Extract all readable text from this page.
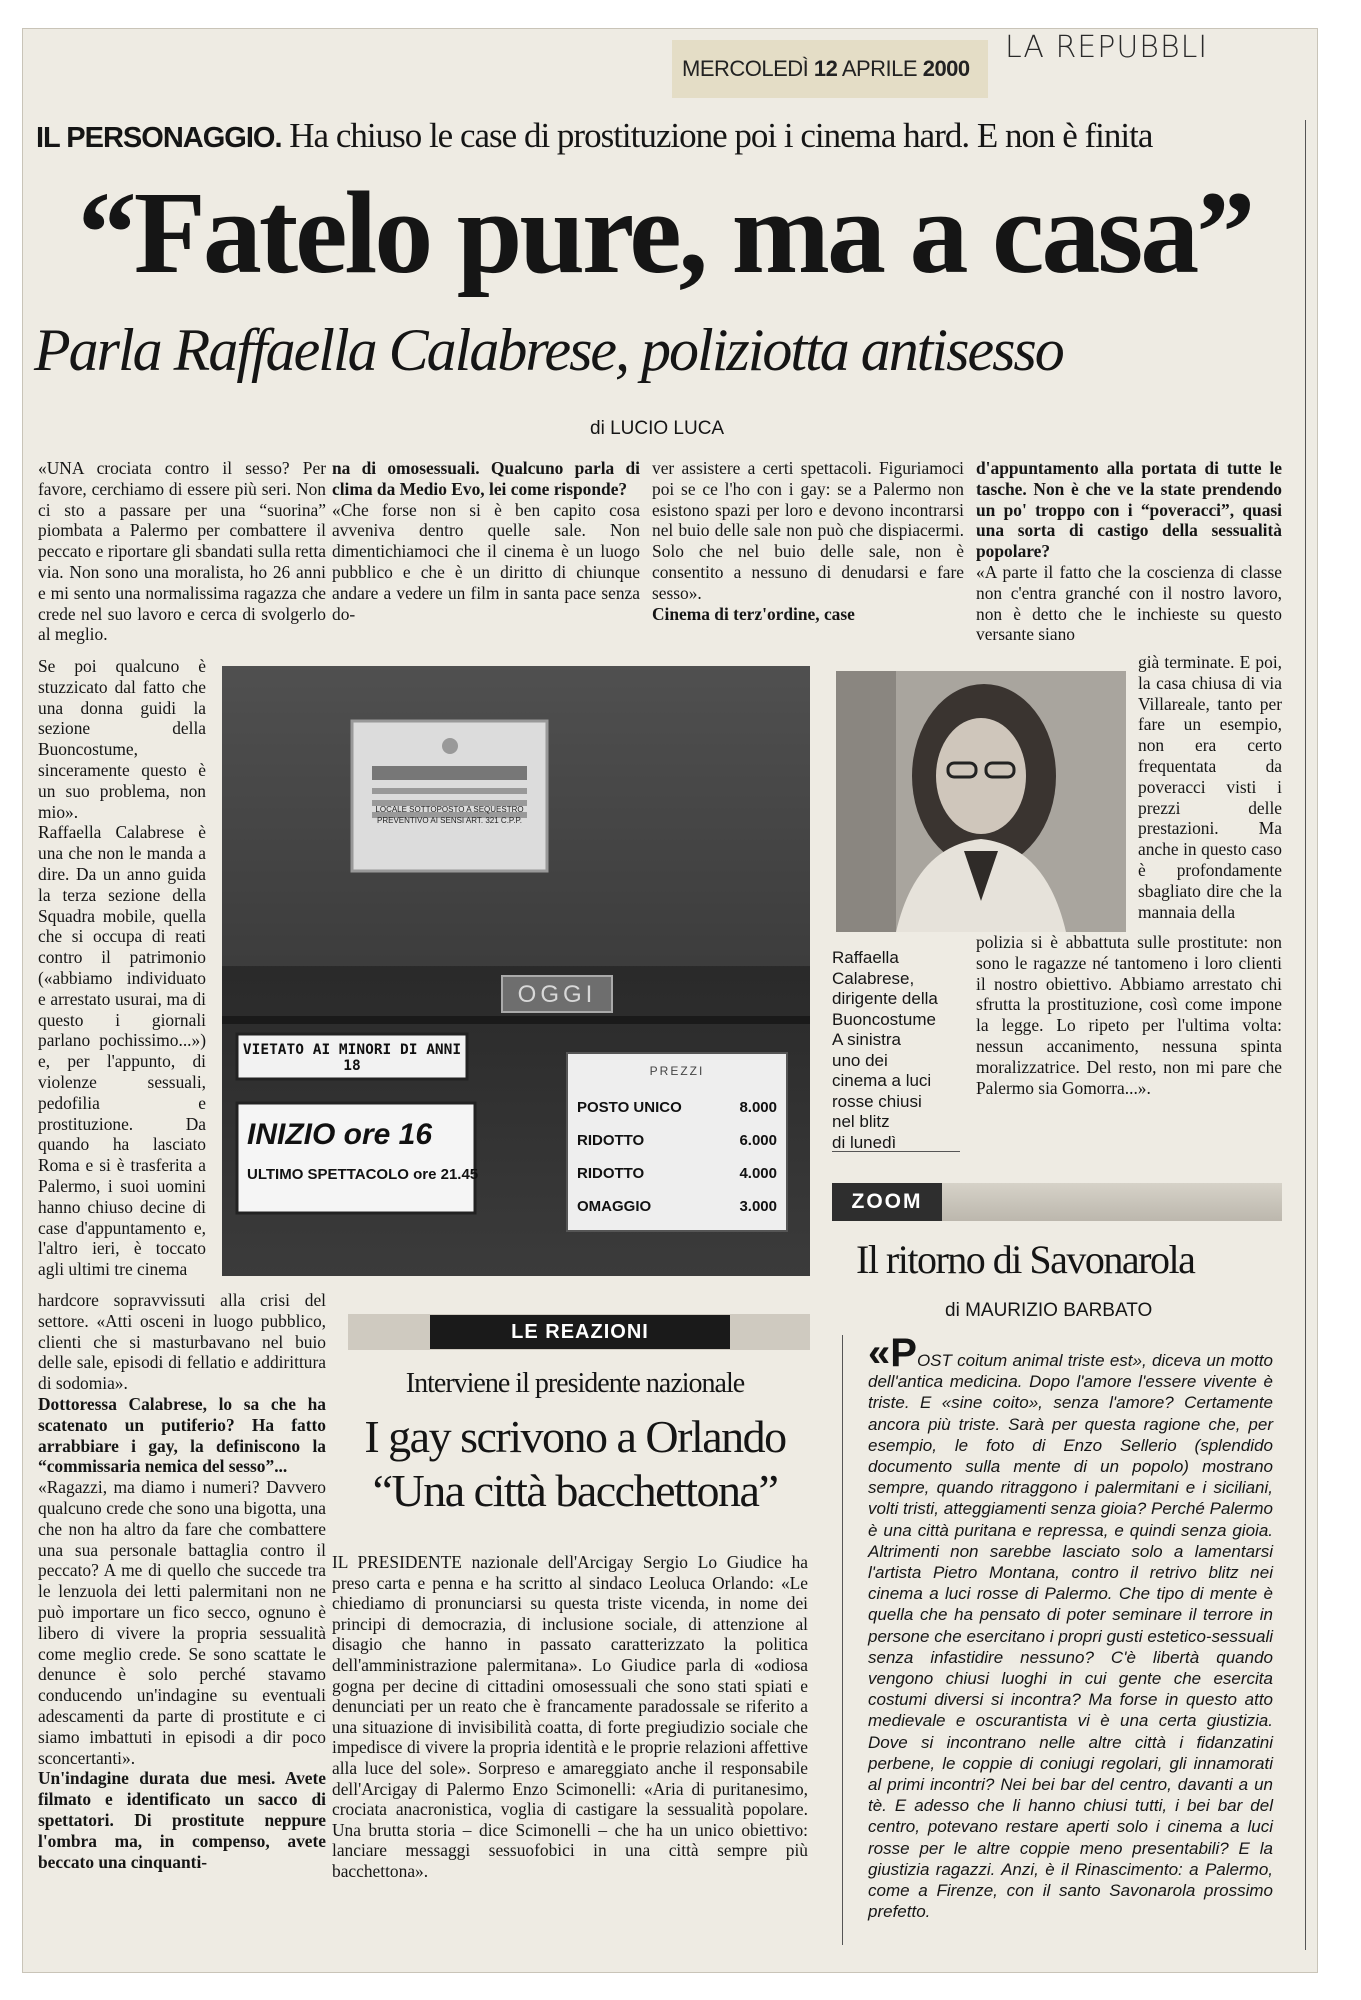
MERCOLEDÌ 12 APRILE 2000
LA REPUBBLI
IL PERSONAGGIO. Ha chiuso le case di prostituzione poi i cinema hard. E non è finita
“Fatelo pure, ma a casa”
Parla Raffaella Calabrese, poliziotta antisesso
di LUCIO LUCA
«UNA crociata contro il sesso? Per favore, cerchiamo di essere più seri. Non ci sto a passare per una “suorina” piombata a Palermo per combattere il peccato e riportare gli sbandati sulla retta via. Non sono una moralista, ho 26 anni e mi sento una normalissima ragazza che crede nel suo lavoro e cerca di svolgerlo al meglio.
Se poi qualcuno è stuzzicato dal fatto che una donna guidi la sezione della Buoncostume, sinceramente questo è un suo problema, non mio».
Raffaella Calabrese è una che non le manda a dire. Da un anno guida la terza sezione della Squadra mobile, quella che si occupa di reati contro il patrimonio («abbiamo individuato e arrestato usurai, ma di questo i giornali parlano pochissimo...») e, per l'appunto, di violenze sessuali, pedofilia e prostituzione. Da quando ha lasciato Roma e si è trasferita a Palermo, i suoi uomini hanno chiuso decine di case d'appuntamento e, l'altro ieri, è toccato agli ultimi tre cinema
hardcore sopravvissuti alla crisi del settore. «Atti osceni in luogo pubblico, clienti che si masturbavano nel buio delle sale, episodi di fellatio e addirittura di sodomia».
Dottoressa Calabrese, lo sa che ha scatenato un putiferio? Ha fatto arrabbiare i gay, la definiscono la “commissaria nemica del sesso”...
«Ragazzi, ma diamo i numeri? Davvero qualcuno crede che sono una bigotta, una che non ha altro da fare che combattere una sua personale battaglia contro il peccato? A me di quello che succede tra le lenzuola dei letti palermitani non ne può importare un fico secco, ognuno è libero di vivere la propria sessualità come meglio crede. Se sono scattate le denunce è solo perché stavamo conducendo un'indagine su eventuali adescamenti da parte di prostitute e ci siamo imbattuti in episodi a dir poco sconcertanti».
Un'indagine durata due mesi. Avete filmato e identificato un sacco di spettatori. Di prostitute neppure l'ombra ma, in compenso, avete beccato una cinquanti-
na di omosessuali. Qualcuno parla di clima da Medio Evo, lei come risponde?
«Che forse non si è ben capito cosa avveniva dentro quelle sale. Non dimentichiamoci che il cinema è un luogo pubblico e che è un diritto di chiunque andare a vedere un film in santa pace senza do-
ver assistere a certi spettacoli. Figuriamoci poi se ce l'ho con i gay: se a Palermo non esistono spazi per loro e devono incontrarsi nel buio delle sale non può che dispiacermi. Solo che nel buio delle sale, non è consentito a nessuno di denudarsi e fare sesso».
Cinema di terz'ordine, case
d'appuntamento alla portata di tutte le tasche. Non è che ve la state prendendo un po' troppo con i “poveracci”, quasi una sorta di castigo della sessualità popolare?
«A parte il fatto che la coscienza di classe non c'entra granché con il nostro lavoro, non è detto che le inchieste su questo versante siano
già terminate. E poi, la casa chiusa di via Villareale, tanto per fare un esempio, non era certo frequentata da poveracci visti i prezzi delle prestazioni. Ma anche in questo caso è profondamente sbagliato dire che la mannaia della
polizia si è abbattuta sulle prostitute: non sono le ragazze né tantomeno i loro clienti il nostro obiettivo. Abbiamo arrestato chi sfrutta la prostituzione, così come impone la legge. Lo ripeto per l'ultima volta: nessun accanimento, nessuna spinta moralizzatrice. Del resto, non mi pare che Palermo sia Gomorra...».
LOCALE SOTTOPOSTO A SEQUESTRO PREVENTIVO AI SENSI ART. 321 C.P.P.
OGGI
VIETATO AI MINORI DI ANNI 18
INIZIO ore 16
ULTIMO SPETTACOLO ore 21.45
PREZZI
POSTO UNICO	8.000
RIDOTTO	6.000
RIDOTTO	4.000
OMAGGIO	3.000
Raffaella
Calabrese,
dirigente della
Buoncostume
A sinistra
uno dei
cinema a luci
rosse chiusi
nel blitz
di lunedì
LE REAZIONI
Interviene il presidente nazionale
I gay scrivono a Orlando
“Una città bacchettona”
IL PRESIDENTE nazionale dell'Arcigay Sergio Lo Giudice ha preso carta e penna e ha scritto al sindaco Leoluca Orlando: «Le chiediamo di pronunciarsi su questa triste vicenda, in nome dei principi di democrazia, di inclusione sociale, di attenzione al disagio che hanno in passato caratterizzato la politica dell'amministrazione palermitana». Lo Giudice parla di «odiosa gogna per decine di cittadini omosessuali che sono stati spiati e denunciati per un reato che è francamente paradossale se riferito a una situazione di invisibilità coatta, di forte pregiudizio sociale che impedisce di vivere la propria identità e le proprie relazioni affettive alla luce del sole». Sorpreso e amareggiato anche il responsabile dell'Arcigay di Palermo Enzo Scimonelli: «Aria di puritanesimo, crociata anacronistica, voglia di castigare la sessualità popolare. Una brutta storia – dice Scimonelli – che ha un unico obiettivo: lanciare messaggi sessuofobici in una città sempre più bacchettona».
ZOOM
Il ritorno di Savonarola
di MAURIZIO BARBATO
«POST coitum animal triste est», diceva un motto dell'antica medicina. Dopo l'amore l'essere vivente è triste. E «sine coito», senza l'amore? Certamente ancora più triste. Sarà per questa ragione che, per esempio, le foto di Enzo Sellerio (splendido documento sulla mente di un popolo) mostrano sempre, quando ritraggono i palermitani e i siciliani, volti tristi, atteggiamenti senza gioia? Perché Palermo è una città puritana e repressa, e quindi senza gioia. Altrimenti non sarebbe lasciato solo a lamentarsi l'artista Pietro Montana, contro il retrivo blitz nei cinema a luci rosse di Palermo. Che tipo di mente è quella che ha pensato di poter seminare il terrore in persone che esercitano i propri gusti estetico-sessuali senza infastidire nessuno? C'è libertà quando vengono chiusi luoghi in cui gente che esercita costumi diversi si incontra? Ma forse in questo atto medievale e oscurantista vi è una certa giustizia. Dove si incontrano nelle altre città i fidanzatini perbene, le coppie di coniugi regolari, gli innamorati al primi incontri? Nei bei bar del centro, davanti a un tè. E adesso che li hanno chiusi tutti, i bei bar del centro, potevano restare aperti solo i cinema a luci rosse per le altre coppie meno presentabili? E la giustizia ragazzi. Anzi, è il Rinascimento: a Palermo, come a Firenze, con il santo Savonarola prossimo prefetto.
